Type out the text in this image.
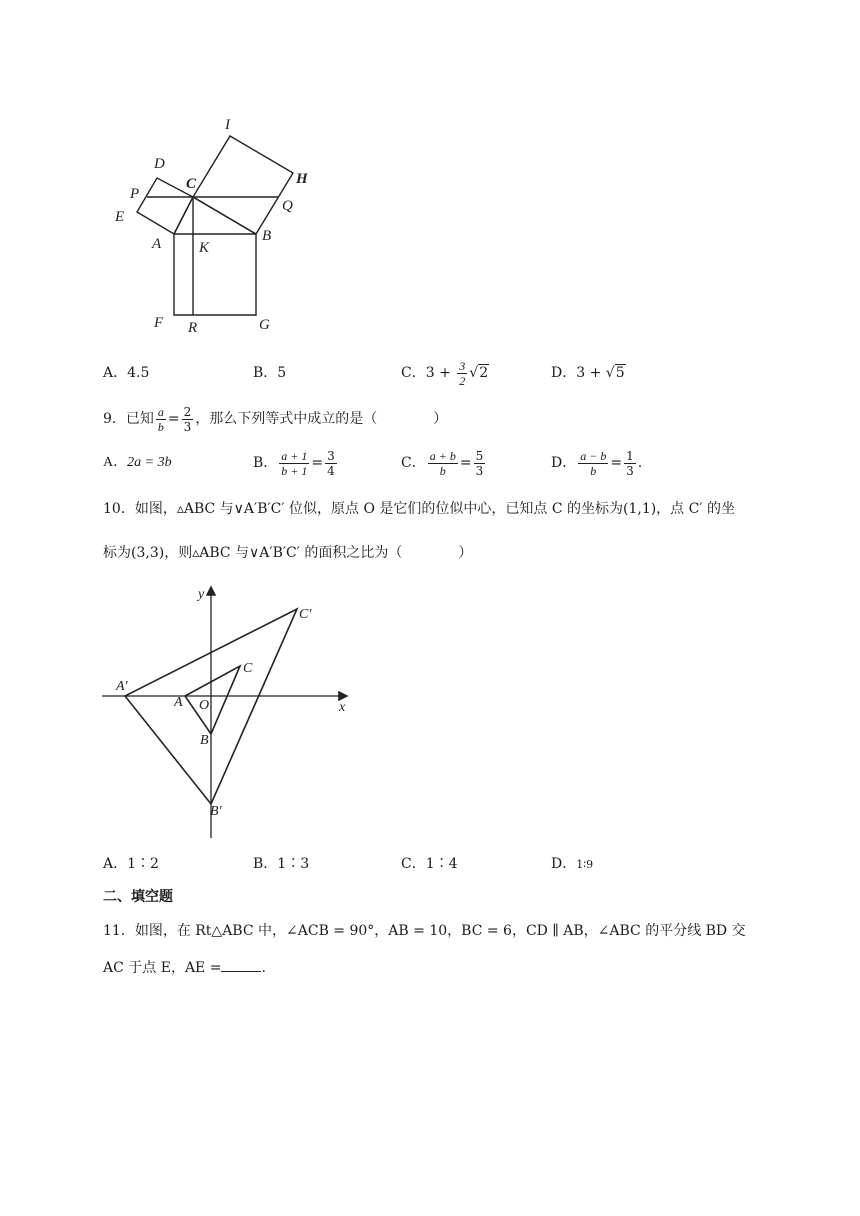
I
D
C	H
P
Q
E
A	K
B
F R	G
A．4.5	B．5	C．$3 + \frac{3}{2} √2$	D．3 + √5
9．已知 $\frac{a}{b} = \frac{2}{3}$ ，那么下列等式中成立的是（　　　　）
A．2a = 3b	B． $\frac{a + 1}{b + 1} = \frac{3}{4}$	C． $\frac{a + b}{b} = \frac{5}{3}$	D． $\frac{a - b}{b} = \frac{1}{3}$ .
10．如图，▵ABC 与∨A′B′C′ 位似，原点 O 是它们的位似中心，已知点 C 的坐标为(1,1)，点 C′ 的坐
标为(3,3)，则▵ABC 与∨A′B′C′ 的面积之比为（　　　　）
y
x
C′
C
A′
A O
B
B′
A．1∶2	B．1∶3	C．1∶4	D．1∶9
二、填空题
11．如图，在 Rt△ABC 中，∠ACB = 90°，AB = 10，BC = 6，CD ∥ AB，∠ABC 的平分线 BD 交
AC 于点 E，AE =	.
